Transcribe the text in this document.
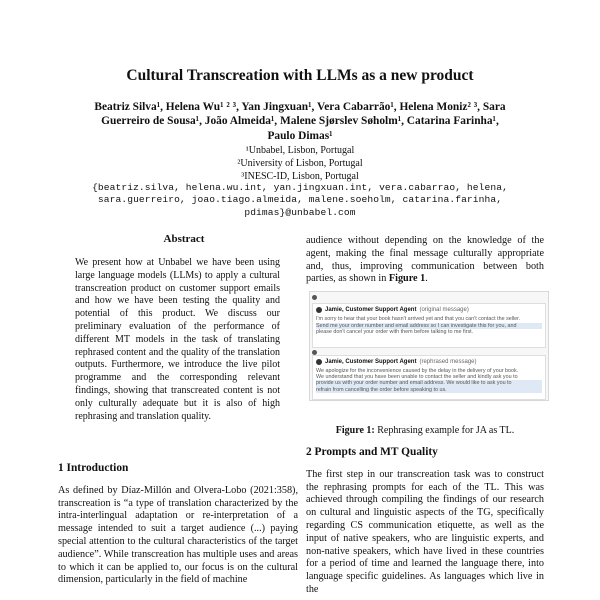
Cultural Transcreation with LLMs as a new product
Beatriz Silva¹, Helena Wu¹ ² ³, Yan Jingxuan¹, Vera Cabarrão¹, Helena Moniz² ³, Sara
Guerreiro de Sousa¹, João Almeida¹, Malene Sjørslev Søholm¹, Catarina Farinha¹,
Paulo Dimas¹
¹Unbabel, Lisbon, Portugal
²University of Lisbon, Portugal
³INESC-ID, Lisbon, Portugal
{beatriz.silva, helena.wu.int, yan.jingxuan.int, vera.cabarrao, helena,
sara.guerreiro, joao.tiago.almeida, malene.soeholm, catarina.farinha,
pdimas}@unbabel.com
Abstract
We present how at Unbabel we have been using large language models (LLMs) to apply a cultural transcreation product on customer support emails and how we have been testing the quality and potential of this product. We discuss our preliminary evaluation of the performance of different MT models in the task of translating rephrased content and the quality of the translation outputs. Furthermore, we introduce the live pilot programme and the corresponding relevant findings, showing that transcreated content is not only culturally adequate but it is also of high rephrasing and translation quality.
1 Introduction
As defined by Díaz-Millón and Olvera-Lobo (2021:358), transcreation is “a type of translation characterized by the intra-interlingual adaptation or re-interpretation of a message intended to suit a target audience (...) paying special attention to the cultural characteristics of the target audience”. While transcreation has multiple uses and areas to which it can be applied to, our focus is on the cultural dimension, particularly in the field of machine
audience without depending on the knowledge of the agent, making the final message culturally appropriate and, thus, improving communication between both parties, as shown in Figure 1.
Jamie, Customer Support Agent (original message)
I'm sorry to hear that your book hasn't arrived yet and that you can't contact the seller.
Send me your order number and email address so I can investigate this for you, and
please don't cancel your order with them before talking to me first.
Jamie, Customer Support Agent (rephrased message)
We apologize for the inconvenience caused by the delay in the delivery of your book.
We understand that you have been unable to contact the seller and kindly ask you to
provide us with your order number and email address. We would like to ask you to
refrain from cancelling the order before speaking to us.
Figure 1: Rephrasing example for JA as TL.
2 Prompts and MT Quality
The first step in our transcreation task was to construct the rephrasing prompts for each of the TL. This was achieved through compiling the findings of our research on cultural and linguistic aspects of the TG, specifically regarding CS communication etiquette, as well as the input of native speakers, who are linguistic experts, and non-native speakers, which have lived in these countries for a period of time and learned the language there, into language specific guidelines. As languages which live in the
